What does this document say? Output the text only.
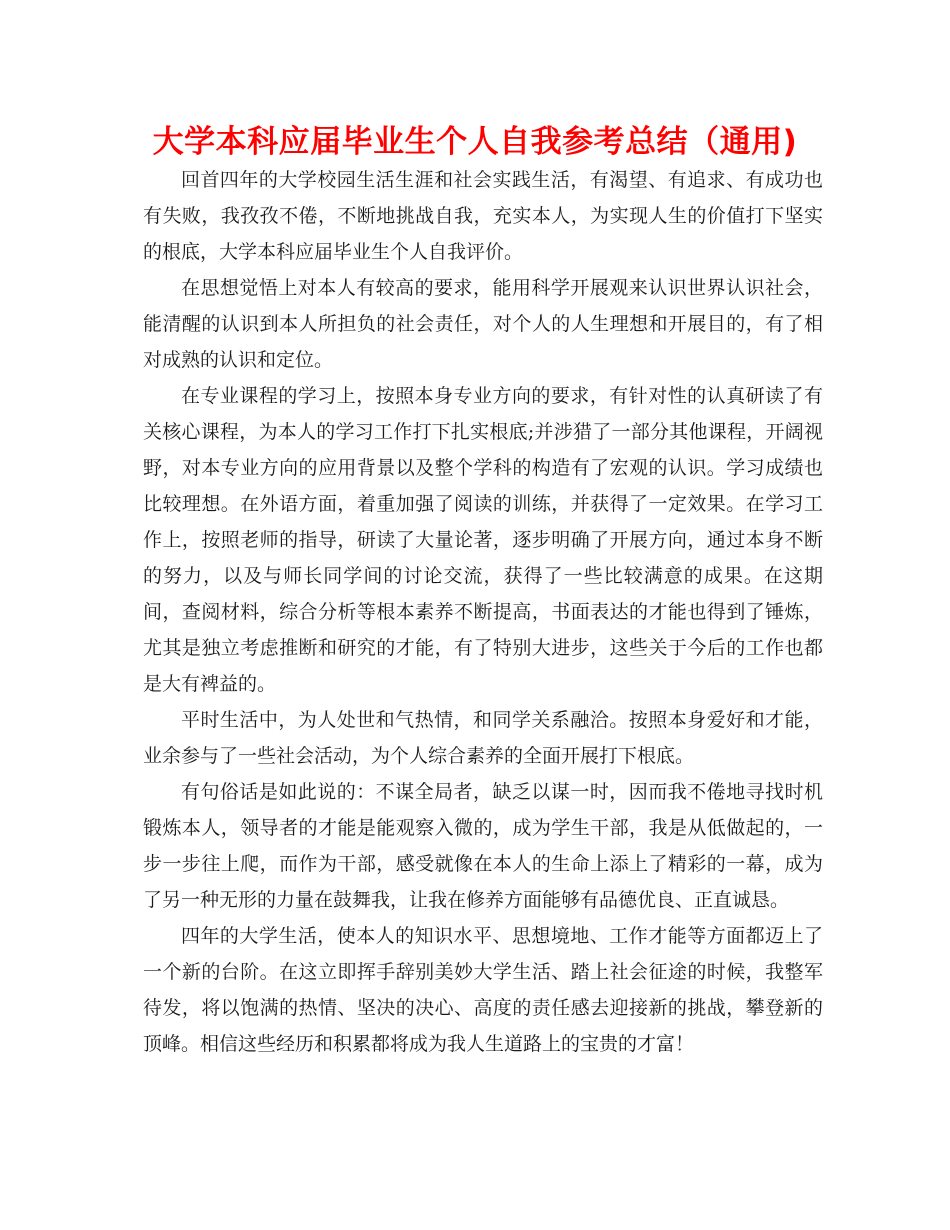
大学本科应届毕业生个人自我参考总结（通用)

回首四年的大学校园生活生涯和社会实践生活，有渴望、有追求、有成功也有失败，我孜孜不倦，不断地挑战自我，充实本人，为实现人生的价值打下坚实的根底，大学本科应届毕业生个人自我评价。

在思想觉悟上对本人有较高的要求，能用科学开展观来认识世界认识社会，能清醒的认识到本人所担负的社会责任，对个人的人生理想和开展目的，有了相对成熟的认识和定位。

在专业课程的学习上，按照本身专业方向的要求，有针对性的认真研读了有关核心课程，为本人的学习工作打下扎实根底;并涉猎了一部分其他课程，开阔视野，对本专业方向的应用背景以及整个学科的构造有了宏观的认识。学习成绩也比较理想。在外语方面，着重加强了阅读的训练，并获得了一定效果。在学习工作上，按照老师的指导，研读了大量论著，逐步明确了开展方向，通过本身不断的努力，以及与师长同学间的讨论交流，获得了一些比较满意的成果。在这期间，查阅材料，综合分析等根本素养不断提高，书面表达的才能也得到了锤炼，尤其是独立考虑推断和研究的才能，有了特别大进步，这些关于今后的工作也都是大有裨益的。

平时生活中，为人处世和气热情，和同学关系融洽。按照本身爱好和才能，业余参与了一些社会活动，为个人综合素养的全面开展打下根底。

有句俗话是如此说的：不谋全局者，缺乏以谋一时，因而我不倦地寻找时机锻炼本人，领导者的才能是能观察入微的，成为学生干部，我是从低做起的，一步一步往上爬，而作为干部，感受就像在本人的生命上添上了精彩的一幕，成为了另一种无形的力量在鼓舞我，让我在修养方面能够有品德优良、正直诚恳。

四年的大学生活，使本人的知识水平、思想境地、工作才能等方面都迈上了一个新的台阶。在这立即挥手辞别美妙大学生活、踏上社会征途的时候，我整军待发，将以饱满的热情、坚决的决心、高度的责任感去迎接新的挑战，攀登新的顶峰。相信这些经历和积累都将成为我人生道路上的宝贵的才富！
